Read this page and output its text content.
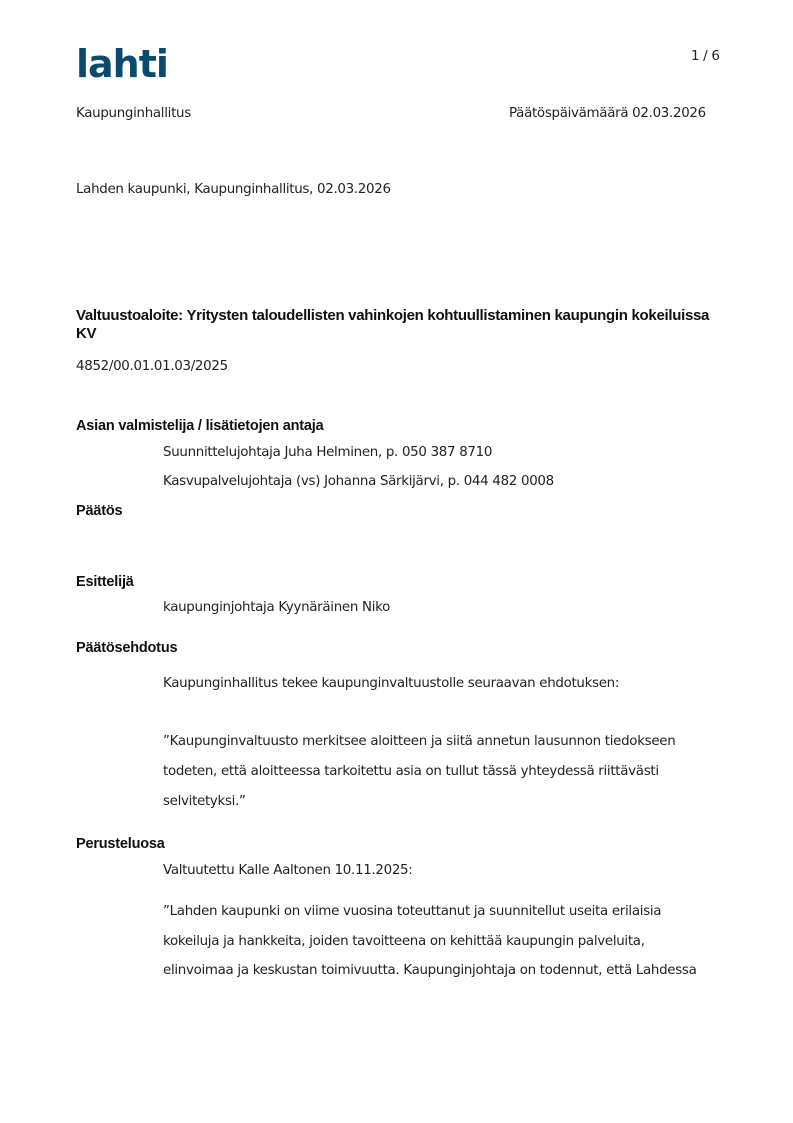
lahti	1 / 6
Kaupunginhallitus	Päätöspäivämäärä 02.03.2026
Lahden kaupunki, Kaupunginhallitus, 02.03.2026
Valtuustoaloite: Yritysten taloudellisten vahinkojen kohtuullistaminen kaupungin kokeiluissa
KV
4852/00.01.01.03/2025
Asian valmistelija / lisätietojen antaja
Suunnittelujohtaja Juha Helminen, p. 050 387 8710
Kasvupalvelujohtaja (vs) Johanna Särkijärvi, p. 044 482 0008
Päätös
Esittelijä
kaupunginjohtaja Kyynäräinen Niko
Päätösehdotus
Kaupunginhallitus tekee kaupunginvaltuustolle seuraavan ehdotuksen:
”Kaupunginvaltuusto merkitsee aloitteen ja siitä annetun lausunnon tiedokseen
todeten, että aloitteessa tarkoitettu asia on tullut tässä yhteydessä riittävästi
selvitetyksi.”
Perusteluosa
Valtuutettu Kalle Aaltonen 10.11.2025:
”Lahden kaupunki on viime vuosina toteuttanut ja suunnitellut useita erilaisia
kokeiluja ja hankkeita, joiden tavoitteena on kehittää kaupungin palveluita,
elinvoimaa ja keskustan toimivuutta. Kaupunginjohtaja on todennut, että Lahdessa
